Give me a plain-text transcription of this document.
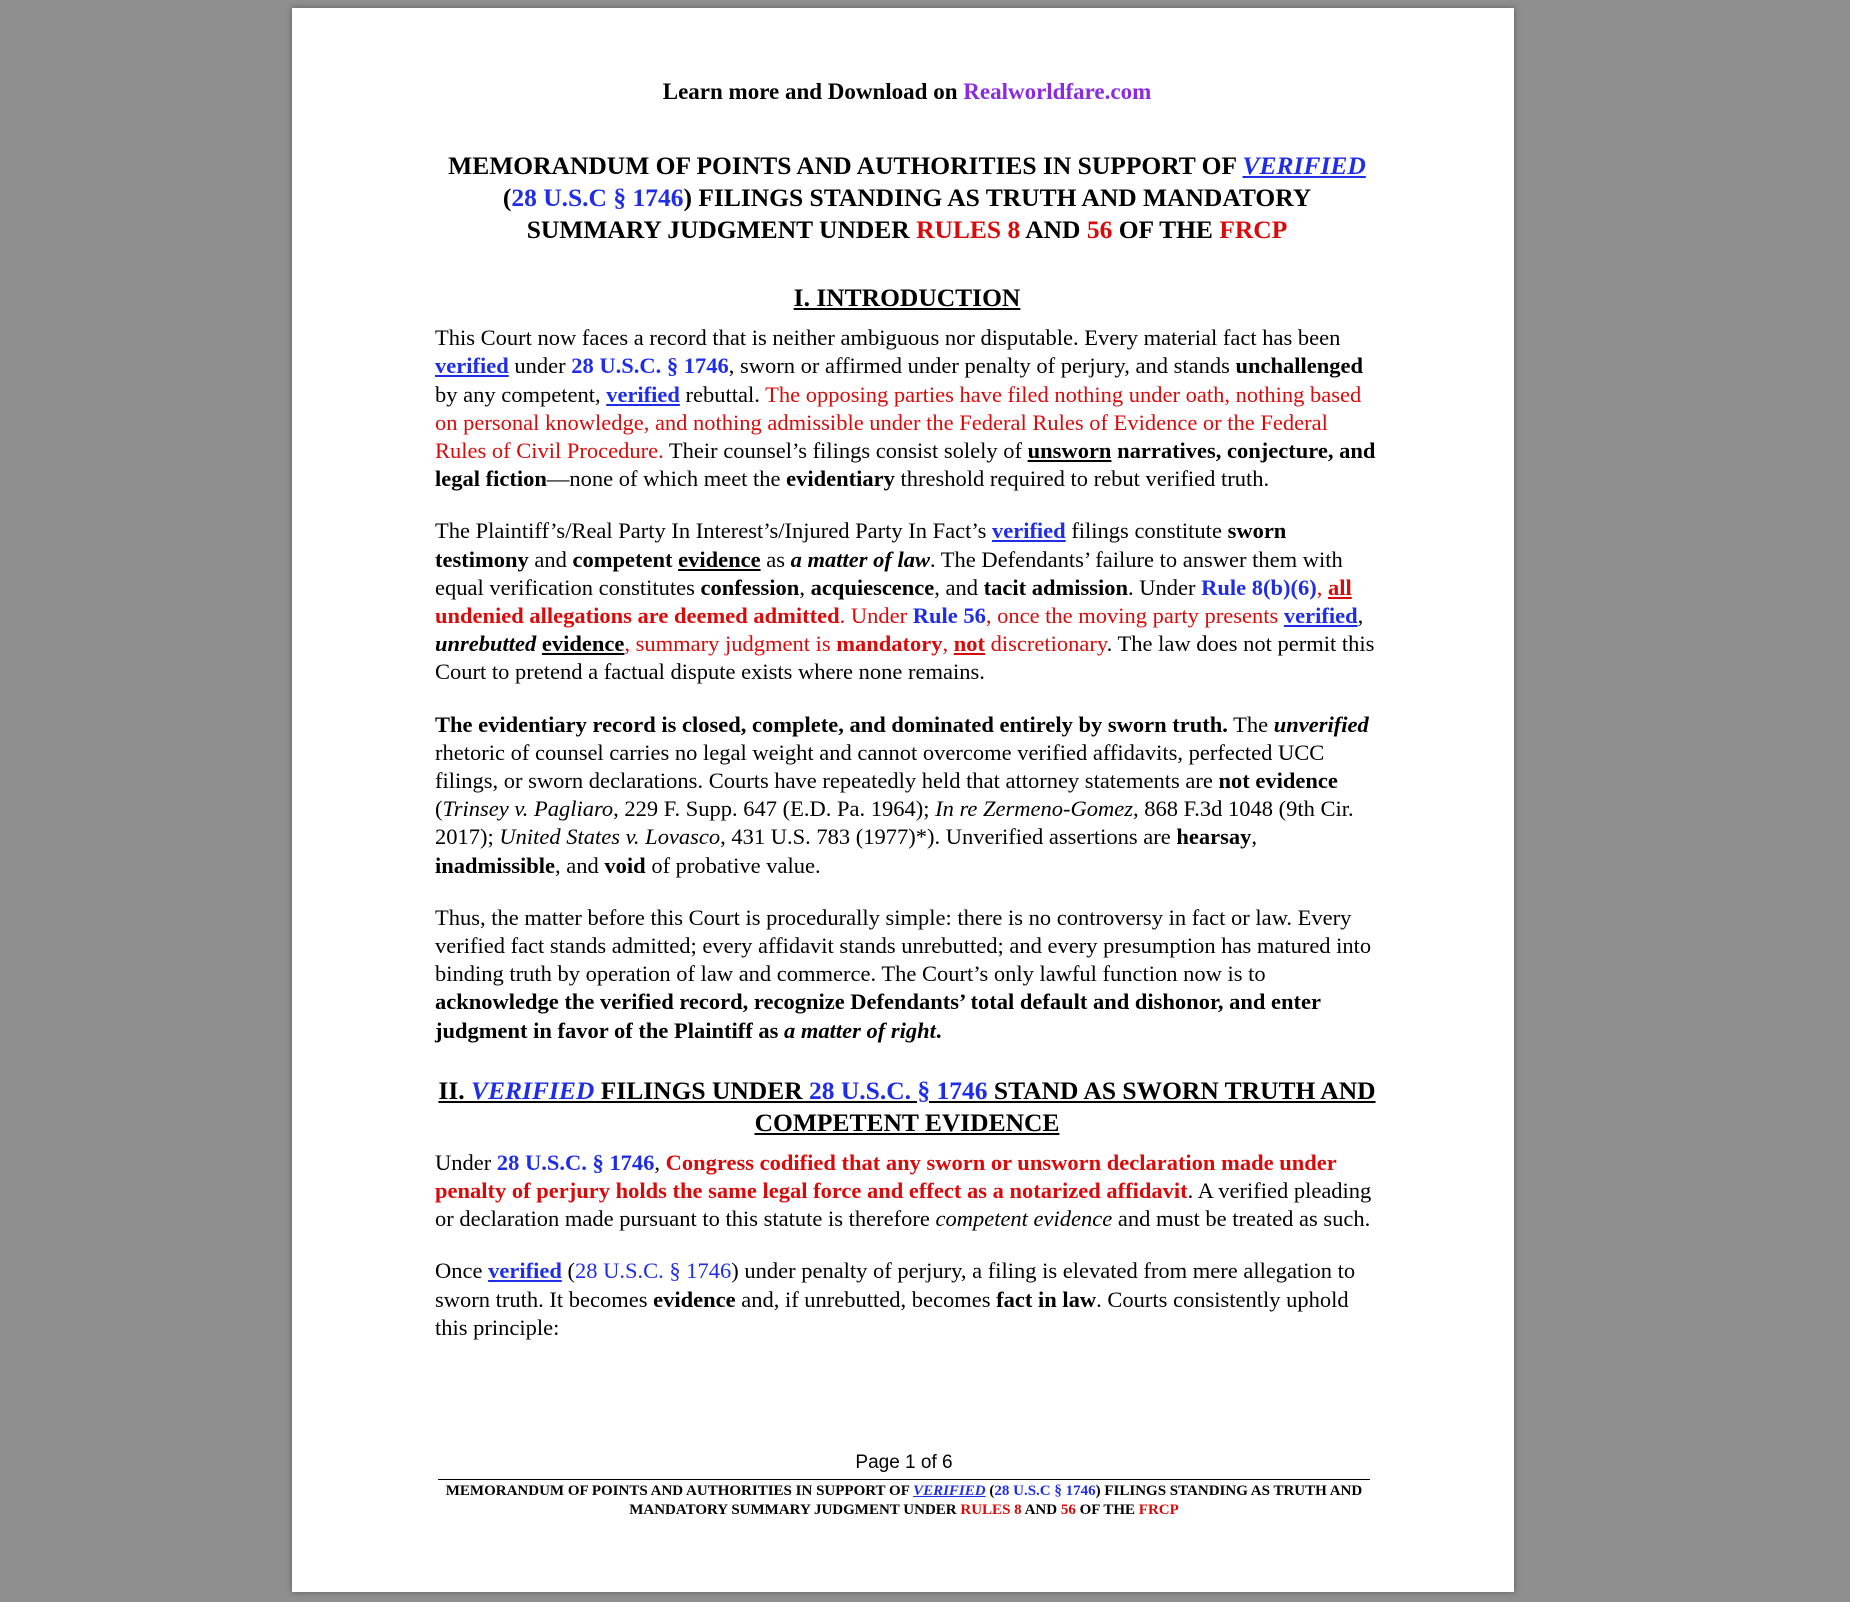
Learn more and Download on Realworldfare.com
MEMORANDUM OF POINTS AND AUTHORITIES IN SUPPORT OF VERIFIED
(28 U.S.C § 1746) FILINGS STANDING AS TRUTH AND MANDATORY SUMMARY JUDGMENT UNDER RULES 8 AND 56 OF THE FRCP
I. INTRODUCTION

This Court now faces a record that is neither ambiguous nor disputable. Every material fact has been verified under 28 U.S.C. § 1746, sworn or affirmed under penalty of perjury, and stands unchallenged by any competent, verified rebuttal. The opposing parties have filed nothing under oath, nothing based on personal knowledge, and nothing admissible under the Federal Rules of Evidence or the Federal Rules of Civil Procedure. Their counsel’s filings consist solely of unsworn narratives, conjecture, and legal fiction—none of which meet the evidentiary threshold required to rebut verified truth.

The Plaintiff’s/Real Party In Interest’s/Injured Party In Fact’s verified filings constitute sworn testimony and competent evidence as a matter of law. The Defendants’ failure to answer them with equal verification constitutes confession, acquiescence, and tacit admission. Under Rule 8(b)(6), all undenied allegations are deemed admitted. Under Rule 56, once the moving party presents verified, unrebutted evidence, summary judgment is mandatory, not discretionary. The law does not permit this Court to pretend a factual dispute exists where none remains.

The evidentiary record is closed, complete, and dominated entirely by sworn truth. The unverified rhetoric of counsel carries no legal weight and cannot overcome verified affidavits, perfected UCC filings, or sworn declarations. Courts have repeatedly held that attorney statements are not evidence (Trinsey v. Pagliaro, 229 F. Supp. 647 (E.D. Pa. 1964); In re Zermeno-Gomez, 868 F.3d 1048 (9th Cir. 2017); United States v. Lovasco, 431 U.S. 783 (1977)*). Unverified assertions are hearsay, inadmissible, and void of probative value.

Thus, the matter before this Court is procedurally simple: there is no controversy in fact or law. Every verified fact stands admitted; every affidavit stands unrebutted; and every presumption has matured into binding truth by operation of law and commerce. The Court’s only lawful function now is to acknowledge the verified record, recognize Defendants’ total default and dishonor, and enter judgment in favor of the Plaintiff as a matter of right.

II. VERIFIED FILINGS UNDER 28 U.S.C. § 1746 STAND AS SWORN TRUTH AND COMPETENT EVIDENCE

Under 28 U.S.C. § 1746, Congress codified that any sworn or unsworn declaration made under penalty of perjury holds the same legal force and effect as a notarized affidavit. A verified pleading or declaration made pursuant to this statute is therefore competent evidence and must be treated as such.

Once verified (28 U.S.C. § 1746) under penalty of perjury, a filing is elevated from mere allegation to sworn truth. It becomes evidence and, if unrebutted, becomes fact in law. Courts consistently uphold this principle:

Page 1 of 6
MEMORANDUM OF POINTS AND AUTHORITIES IN SUPPORT OF VERIFIED (28 U.S.C § 1746) FILINGS STANDING AS TRUTH AND MANDATORY SUMMARY JUDGMENT UNDER RULES 8 AND 56 OF THE FRCP
